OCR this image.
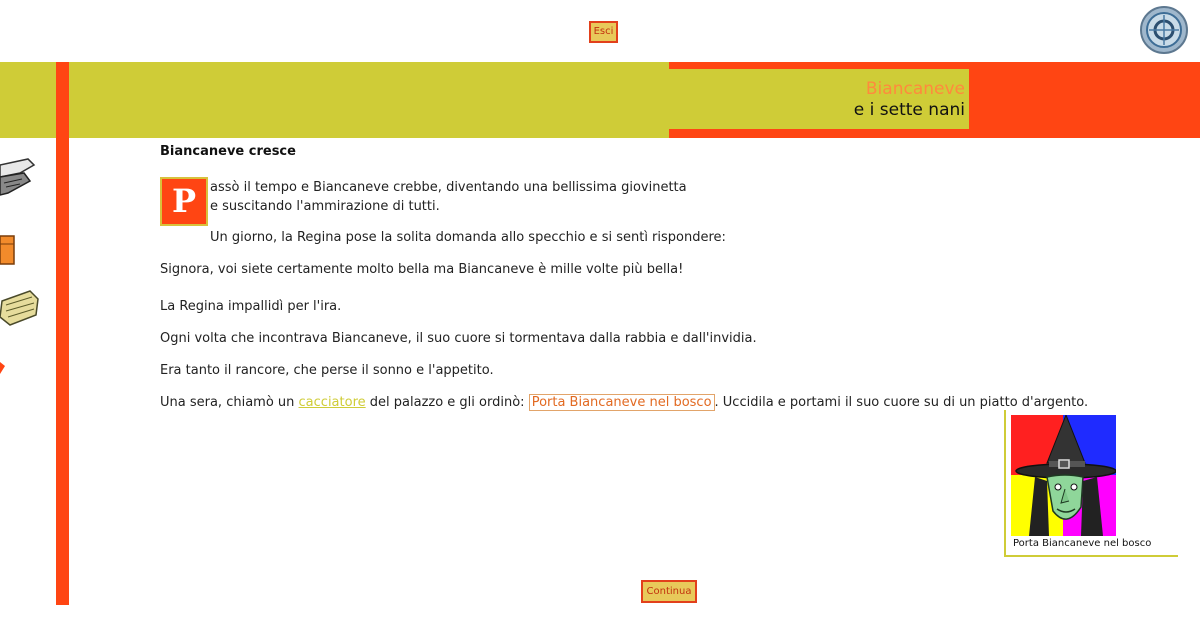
Esci
Biancaneve
e i sette nani
Biancaneve cresce
P	assò il tempo e Biancaneve crebbe, diventando una bellissima giovinetta
e suscitando l'ammirazione di tutti.
Un giorno, la Regina pose la solita domanda allo specchio e si sentì rispondere:
Signora, voi siete certamente molto bella ma Biancaneve è mille volte più bella!
La Regina impallidì per l'ira.
Ogni volta che incontrava Biancaneve, il suo cuore si tormentava dalla rabbia e dall'invidia.
Era tanto il rancore, che perse il sonno e l'appetito.
Una sera, chiamò un cacciatore del palazzo e gli ordinò: Porta Biancaneve nel bosco . Uccidila e portami il suo cuore su di un piatto d'argento.
Porta Biancaneve nel bosco
Continua
